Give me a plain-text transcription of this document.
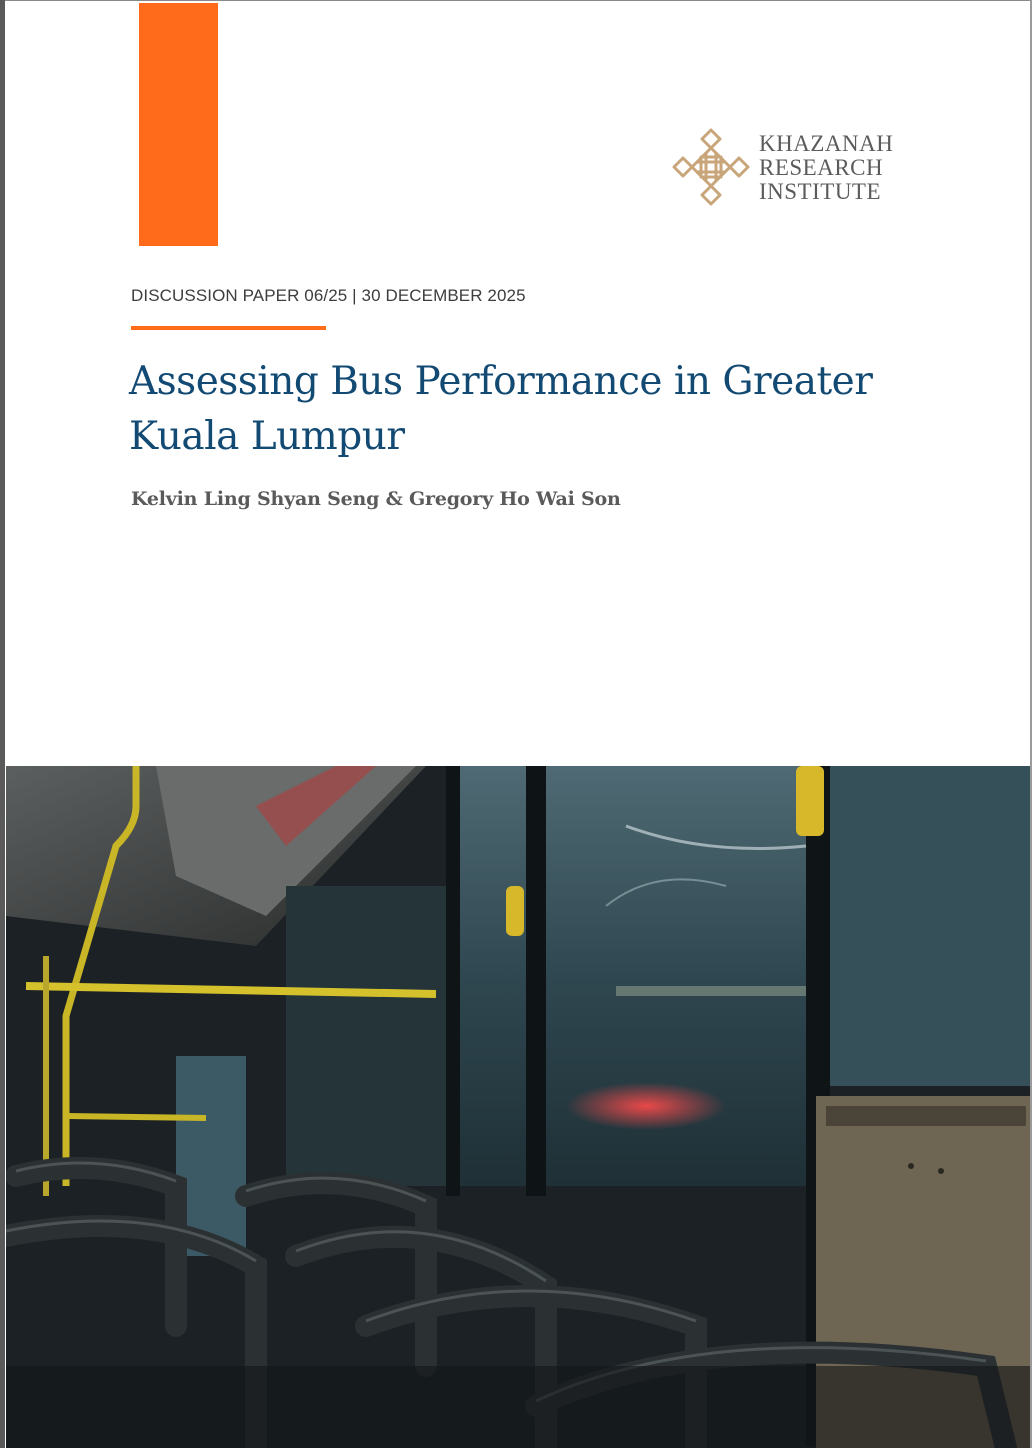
KHAZANAH
RESEARCH
INSTITUTE
DISCUSSION PAPER 06/25 | 30 DECEMBER 2025
Assessing Bus Performance in Greater Kuala Lumpur
Kelvin Ling Shyan Seng & Gregory Ho Wai Son
